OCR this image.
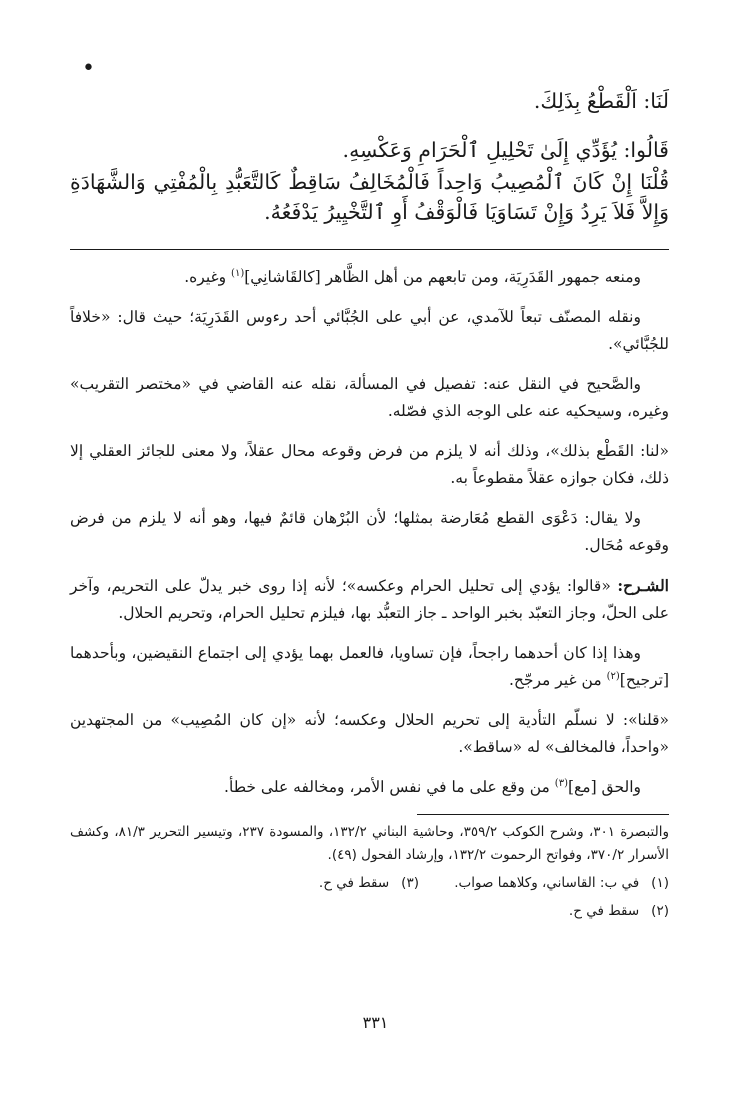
•

لَنَا: اَلْقَطْعُ بِذَلِكَ.

قَالُوا: يُؤَدِّي إِلَىٰ تَحْلِيلِ ٱلْحَرَامِ وَعَكْسِهِ.

قُلْنَا إِنْ كَانَ ٱلْمُصِيبُ وَاحِداً فَالْمُخَالِفُ سَاقِطٌ كَالتَّعَبُّدِ بِالْمُفْتِي وَالشَّهَادَةِ وَإِلاَّ فَلاَ يَرِدُ وَإِنْ تَسَاوَيَا فَالْوَقْفُ أَوِ ٱلتَّخْيِيرُ يَدْفَعُهُ.

ومنعه جمهور القَدَرِيَة، ومن تابعهم من أهل الظَّاهر [كالقَاشانِي]$^{(١)}$ وغيره.

ونقله المصنّف تبعاً للآمدي، عن أبي على الجُبَّائي أحد رءوس القَدَرِيَة؛ حيث قال: «خلافاً للجُبَّائي».

والصَّحيح في النقل عنه: تفصيل في المسألة، نقله عنه القاضي في «مختصر التقريب» وغيره، وسيحكيه عنه على الوجه الذي فصّله.

«لنا: القَطْع بذلك»، وذلك أنه لا يلزم من فرض وقوعه محال عقلاً، ولا معنى للجائز العقلي إلا ذلك، فكان جوازه عقلاً مقطوعاً به.

ولا يقال: دَعْوَى القطع مُعَارضة بمثلها؛ لأن البُرْهان قائمٌ فيها، وهو أنه لا يلزم من فرض وقوعه مُحَال.

الشـرح: «قالوا: يؤدي إلى تحليل الحرام وعكسه»؛ لأنه إذا روى خبر يدلّ على التحريم، وآخر على الحلّ، وجاز التعبّد بخبر الواحد ـ جاز التعبُّد بها، فيلزم تحليل الحرام، وتحريم الحلال.

وهذا إذا كان أحدهما راجحاً، فإن تساويا، فالعمل بهما يؤدي إلى اجتماع النقيضين، وبأحدهما [ترجيح]$^{(٢)}$ من غير مرجّح.

«قلنا»: لا نسلّم التأدية إلى تحريم الحلال وعكسه؛ لأنه «إن كان المُصِيب» من المجتهدين «واحداً، فالمخالف» له «ساقط».

والحق [مع]$^{(٣)}$ من وقع على ما في نفس الأمر، ومخالفه على خطأ.

والتبصرة ٣٠١، وشرح الكوكب ٣٥٩/٢، وحاشية البناني ١٣٢/٢، والمسودة ٢٣٧، وتيسير التحرير ٨١/٣، وكشف الأسرار ٣٧٠/٢، وفواتح الرحموت ١٣٢/٢، وإرشاد الفحول (٤٩).

(١)في ب: القاساني، وكلاهما صواب.
(٣)سقط في ح.
(٢)سقط في ح.
٣٣١
